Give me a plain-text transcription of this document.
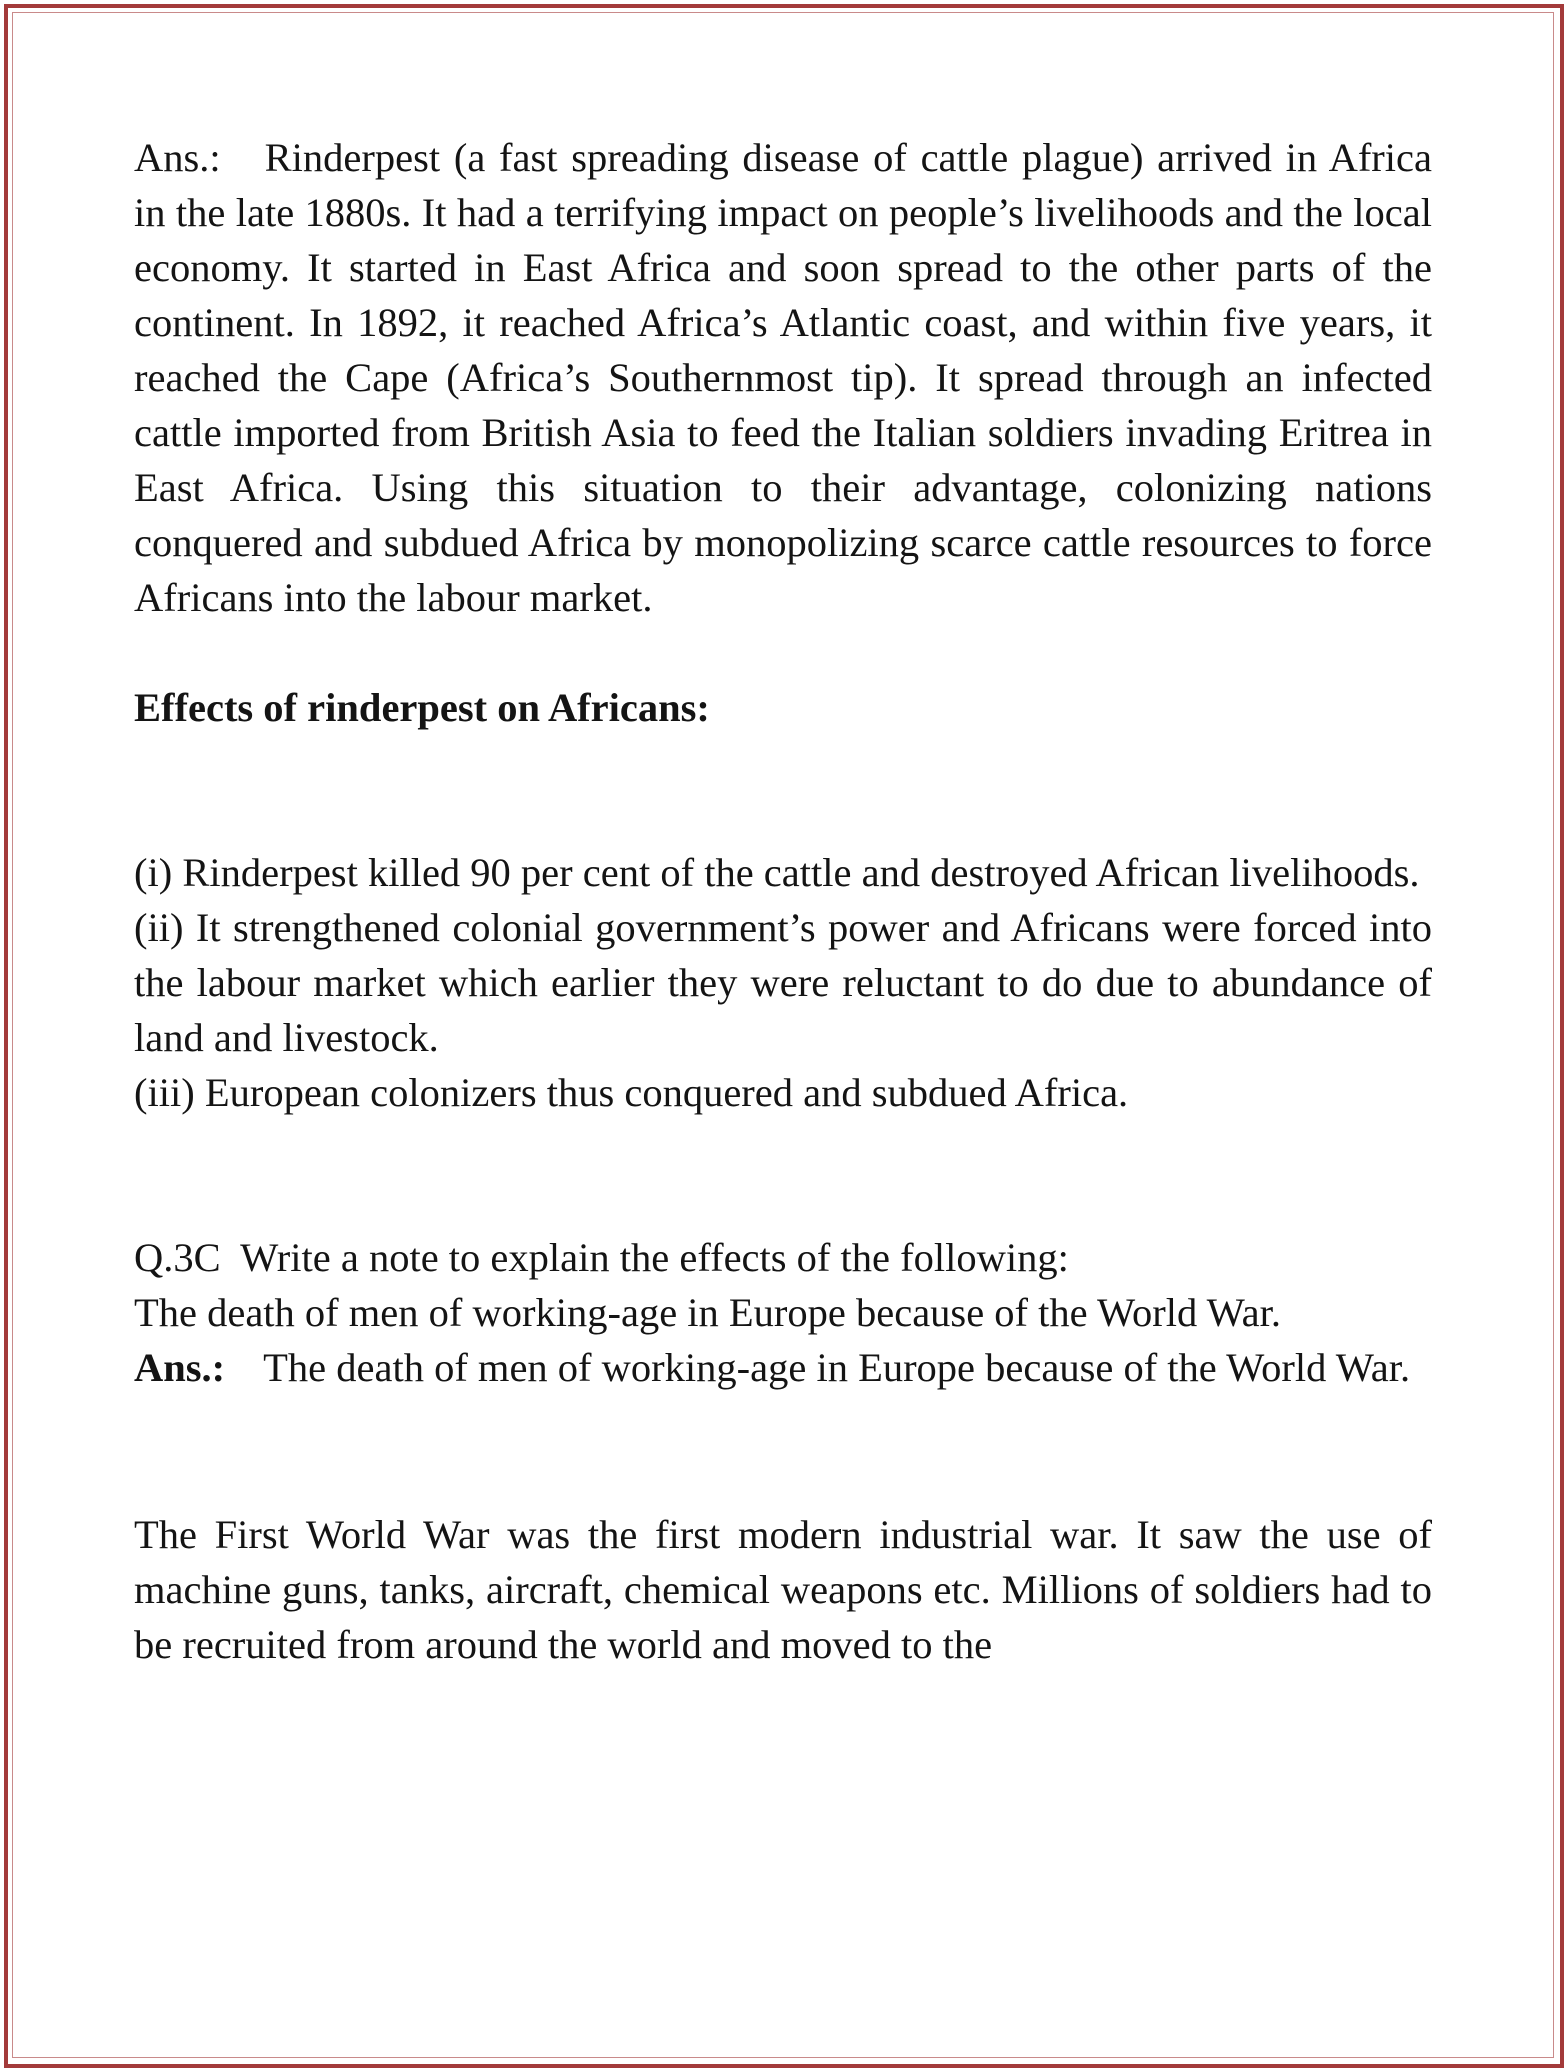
Ans.: Rinderpest (a fast spreading disease of cattle plague) arrived in Africa in the late 1880s. It had a terrifying impact on people’s livelihoods and the local economy. It started in East Africa and soon spread to the other parts of the continent. In 1892, it reached Africa’s Atlantic coast, and within five years, it reached the Cape (Africa’s Southernmost tip). It spread through an infected cattle imported from British Asia to feed the Italian soldiers invading Eritrea in East Africa. Using this situation to their advantage, colonizing nations conquered and subdued Africa by monopolizing scarce cattle resources to force Africans into the labour market.

Effects of rinderpest on Africans:

(i) Rinderpest killed 90 per cent of the cattle and destroyed African livelihoods.

(ii) It strengthened colonial government’s power and Africans were forced into the labour market which earlier they were reluctant to do due to abundance of land and livestock.

(iii) European colonizers thus conquered and subdued Africa.

Q.3C  Write a note to explain the effects of the following:

The death of men of working-age in Europe because of the World War.

Ans.: The death of men of working-age in Europe because of the World War.

The First World War was the first modern industrial war. It saw the use of machine guns, tanks, aircraft, chemical weapons etc. Millions of soldiers had to be recruited from around the world and moved to the
